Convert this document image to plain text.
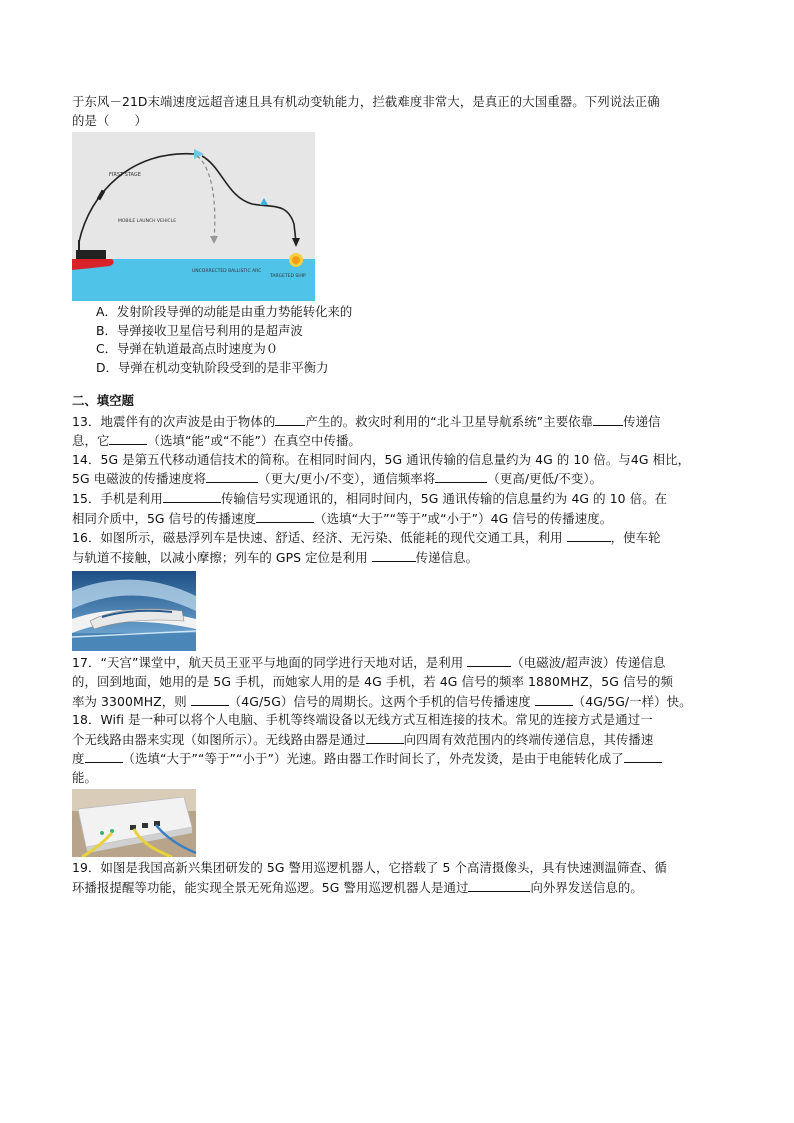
于东风－21D末端速度远超音速且具有机动变轨能力，拦截难度非常大，是真正的大国重器。下列说法正确
的是（　　）

FIRST STAGE
MOBILE LAUNCH VEHICLE
UNCORRECTED BALLISTIC ARC
TARGETED SHIP

A．发射阶段导弹的动能是由重力势能转化来的

B．导弹接收卫星信号利用的是超声波

C．导弹在轨道最高点时速度为０

D．导弹在机动变轨阶段受到的是非平衡力

二、填空题

13．地震伴有的次声波是由于物体的 产生的。救灾时利用的“北斗卫星导航系统”主要依靠 传递信
息，它	（选填“能”或“不能”）在真空中传播。

14．5G 是第五代移动通信技术的简称。在相同时间内，5G 通讯传输的信息量约为 4G 的 10 倍。与4G 相比，
5G 电磁波的传播速度将	（更大/更小/不变），通信频率将	（更高/更低/不变）。

15．手机是利用	传输信号实现通讯的，相同时间内，5G 通讯传输的信息量约为 4G 的 10 倍。在
相同介质中，5G 信号的传播速度	（选填“大于”“等于”或“小于”）4G 信号的传播速度。

16．如图所示，磁悬浮列车是快速、舒适、经济、无污染、低能耗的现代交通工具，利用	，使车轮
与轨道不接触，以减小摩擦；列车的 GPS 定位是利用	传递信息。

17．“天宫”课堂中，航天员王亚平与地面的同学进行天地对话，是利用	（电磁波/超声波）传递信息
的，回到地面，她用的是 5G 手机，而她家人用的是 4G 手机，若 4G 信号的频率 1880MHZ，5G 信号的频
率为 3300MHZ，则	（4G/5G）信号的周期长。这两个手机的信号传播速度	（4G/5G/一样）快。

18．Wifi 是一种可以将个人电脑、手机等终端设备以无线方式互相连接的技术。常见的连接方式是通过一
个无线路由器来实现（如图所示）。无线路由器是通过	向四周有效范围内的终端传递信息，其传播速
度	（选填“大于”“等于”“小于”）光速。路由器工作时间长了，外壳发烫，是由于电能转化成了
能。

19．如图是我国高新兴集团研发的 5G 警用巡逻机器人，它搭载了 5 个高清摄像头，具有快速测温筛查、循
环播报提醒等功能，能实现全景无死角巡逻。5G 警用巡逻机器人是通过	向外界发送信息的。
